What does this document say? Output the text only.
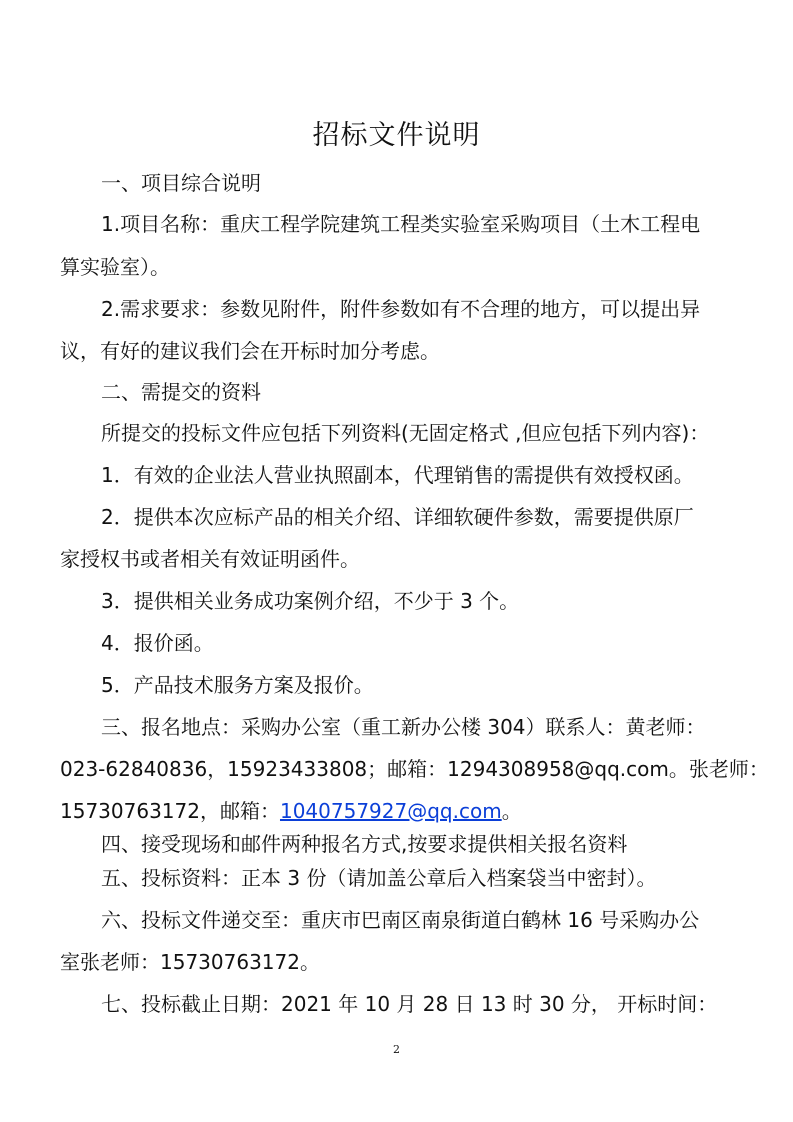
招标文件说明
一、项目综合说明
1.项目名称：重庆工程学院建筑工程类实验室采购项目（土木工程电
算实验室）。
2.需求要求：参数见附件，附件参数如有不合理的地方，可以提出异
议，有好的建议我们会在开标时加分考虑。
二、需提交的资料
所提交的投标文件应包括下列资料(无固定格式 ,但应包括下列内容)：
1．有效的企业法人营业执照副本，代理销售的需提供有效授权函。
2．提供本次应标产品的相关介绍、详细软硬件参数，需要提供原厂
家授权书或者相关有效证明函件。
3．提供相关业务成功案例介绍，不少于 3 个。
4．报价函。
5．产品技术服务方案及报价。
三、报名地点：采购办公室（重工新办公楼 304）联系人：黄老师：
023-62840836，15923433808；邮箱：1294308958@qq.com。张老师：
15730763172，邮箱：1040757927@qq.com。
四、接受现场和邮件两种报名方式,按要求提供相关报名资料
五、投标资料：正本 3 份（请加盖公章后入档案袋当中密封）。
六、投标文件递交至：重庆市巴南区南泉街道白鹤林 16 号采购办公
室张老师：15730763172。
七、投标截止日期：2021 年 10 月 28 日 13 时 30 分， 开标时间：
2
